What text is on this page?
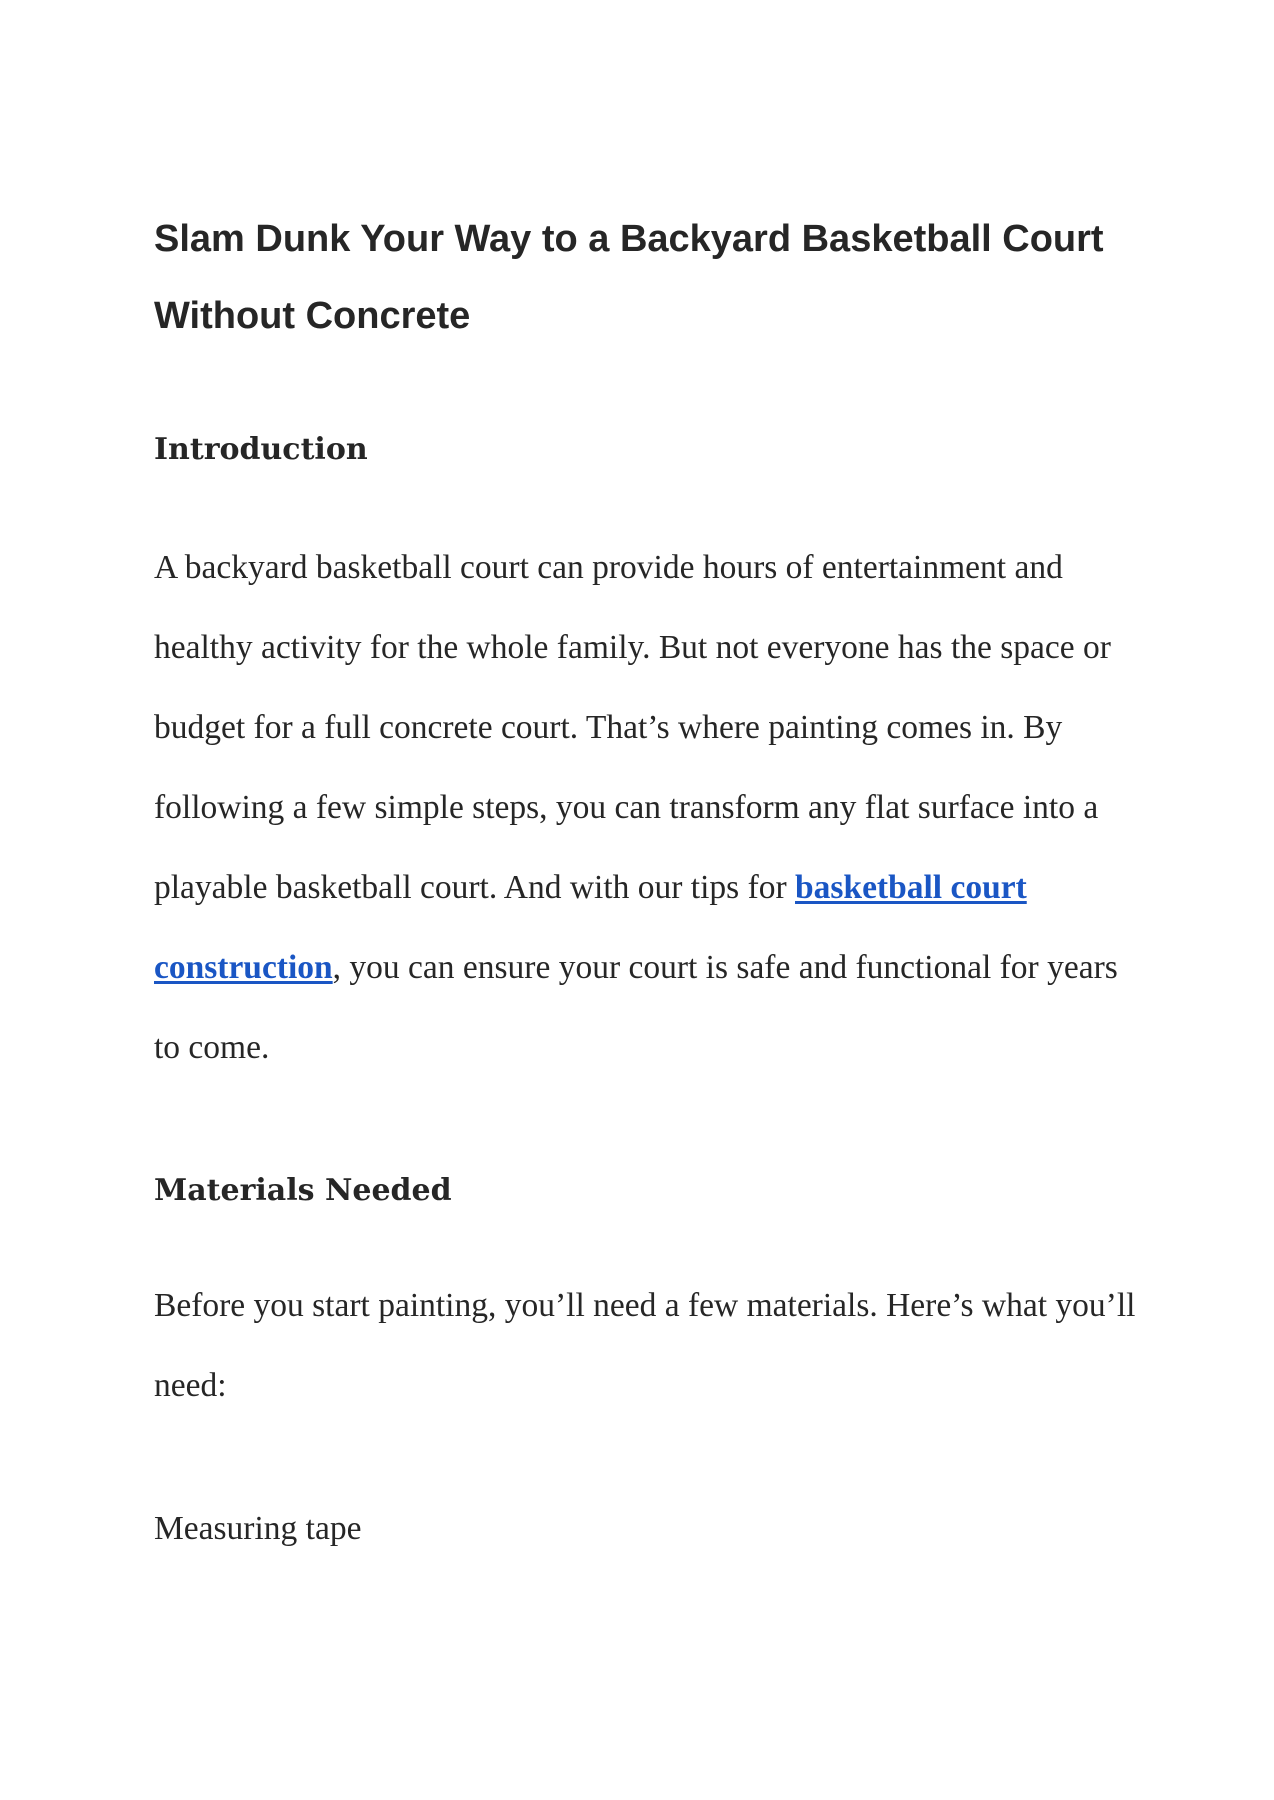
Slam Dunk Your Way to a Backyard Basketball Court Without Concrete
Introduction

A backyard basketball court can provide hours of entertainment and healthy activity for the whole family. But not everyone has the space or budget for a full concrete court. That’s where painting comes in. By following a few simple steps, you can transform any flat surface into a playable basketball court. And with our tips for basketball court construction, you can ensure your court is safe and functional for years to come.

Materials Needed

Before you start painting, you’ll need a few materials. Here’s what you’ll need:

Measuring tape
